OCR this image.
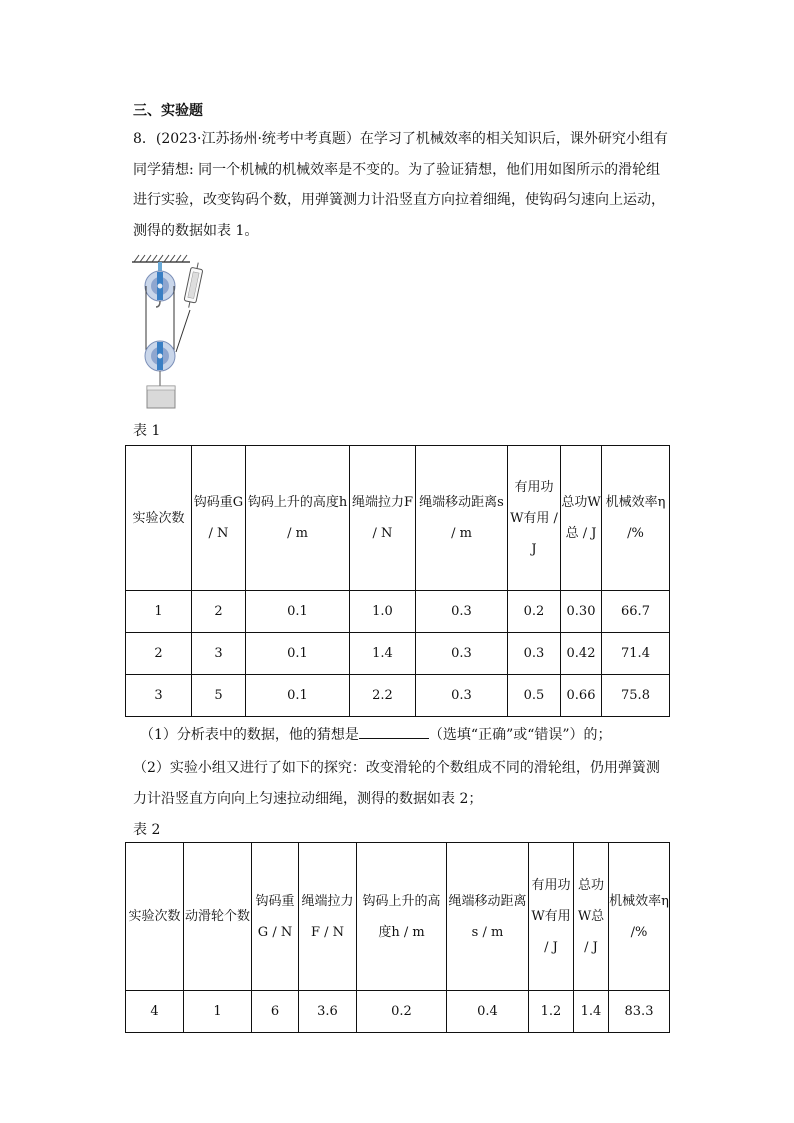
三、实验题
8．(2023·江苏扬州·统考中考真题）在学习了机械效率的相关知识后，课外研究小组有
同学猜想: 同一个机械的机械效率是不变的。为了验证猜想，他们用如图所示的滑轮组
进行实验，改变钩码个数，用弹簧测力计沿竖直方向拉着细绳，使钩码匀速向上运动，
测得的数据如表 1。
表 1
实验次数	钩码重G / N	钩码上升的高度h / m	绳端拉力F / N	绳端移动距离s / m	有用功W有用 / J	总功W总 / J	机械效率η /%
1	2	0.1	1.0	0.3	0.2	0.30	66.7
2	3	0.1	1.4	0.3	0.3	0.42	71.4
3	5	0.1	2.2	0.3	0.5	0.66	75.8
（1）分析表中的数据，他的猜想是	（选填“正确”或“错误”）的；
（2）实验小组又进行了如下的探究：改变滑轮的个数组成不同的滑轮组，仍用弹簧测
力计沿竖直方向向上匀速拉动细绳，测得的数据如表 2；
表 2
实验次数	动滑轮个数	钩码重G / N	绳端拉力F / N	钩码上升的高度h / m	绳端移动距离s / m	有用功W有用 / J	总功W总 / J	机械效率η /%
4	1	6	3.6	0.2	0.4	1.2	1.4	83.3
